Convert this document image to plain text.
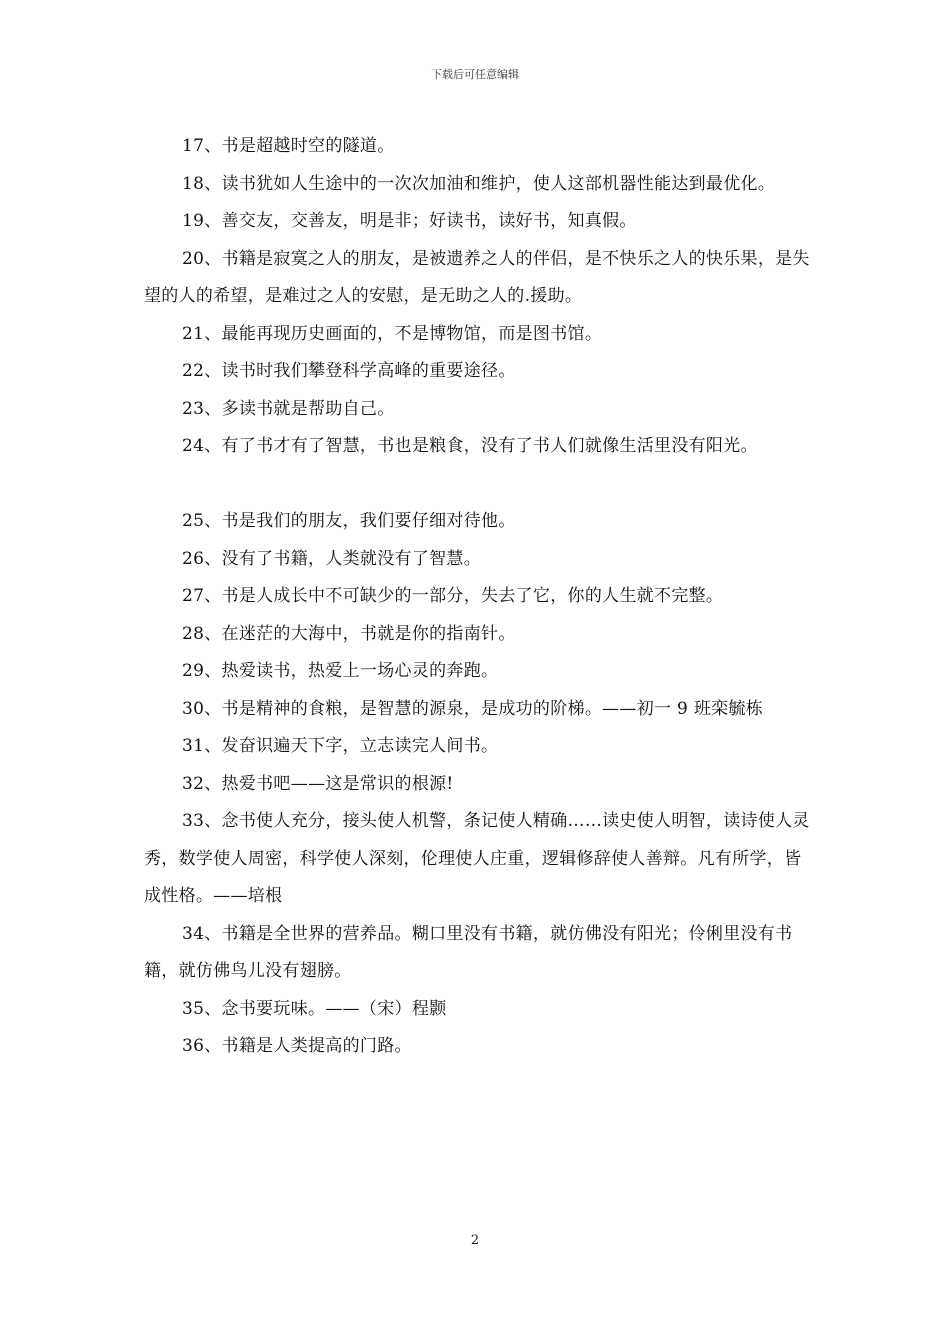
下载后可任意编辑

17、书是超越时空的隧道。

18、读书犹如人生途中的一次次加油和维护，使人这部机器性能达到最优化。

19、善交友，交善友，明是非；好读书，读好书，知真假。

20、书籍是寂寞之人的朋友，是被遗养之人的伴侣，是不快乐之人的快乐果，是失望的人的希望，是难过之人的安慰，是无助之人的.援助。

21、最能再现历史画面的，不是博物馆，而是图书馆。

22、读书时我们攀登科学高峰的重要途径。

23、多读书就是帮助自己。

24、有了书才有了智慧，书也是粮食，没有了书人们就像生活里没有阳光。

25、书是我们的朋友，我们要仔细对待他。

26、没有了书籍，人类就没有了智慧。

27、书是人成长中不可缺少的一部分，失去了它，你的人生就不完整。

28、在迷茫的大海中，书就是你的指南针。

29、热爱读书，热爱上一场心灵的奔跑。

30、书是精神的食粮，是智慧的源泉，是成功的阶梯。——初一 9 班栾毓栋

31、发奋识遍天下字，立志读完人间书。

32、热爱书吧——这是常识的根源!

33、念书使人充分，接头使人机警，条记使人精确……读史使人明智，读诗使人灵秀，数学使人周密，科学使人深刻，伦理使人庄重，逻辑修辞使人善辩。凡有所学，皆成性格。——培根

34、书籍是全世界的营养品。糊口里没有书籍，就仿佛没有阳光；伶俐里没有书籍，就仿佛鸟儿没有翅膀。

35、念书要玩味。——（宋）程颢

36、书籍是人类提高的门路。

2
